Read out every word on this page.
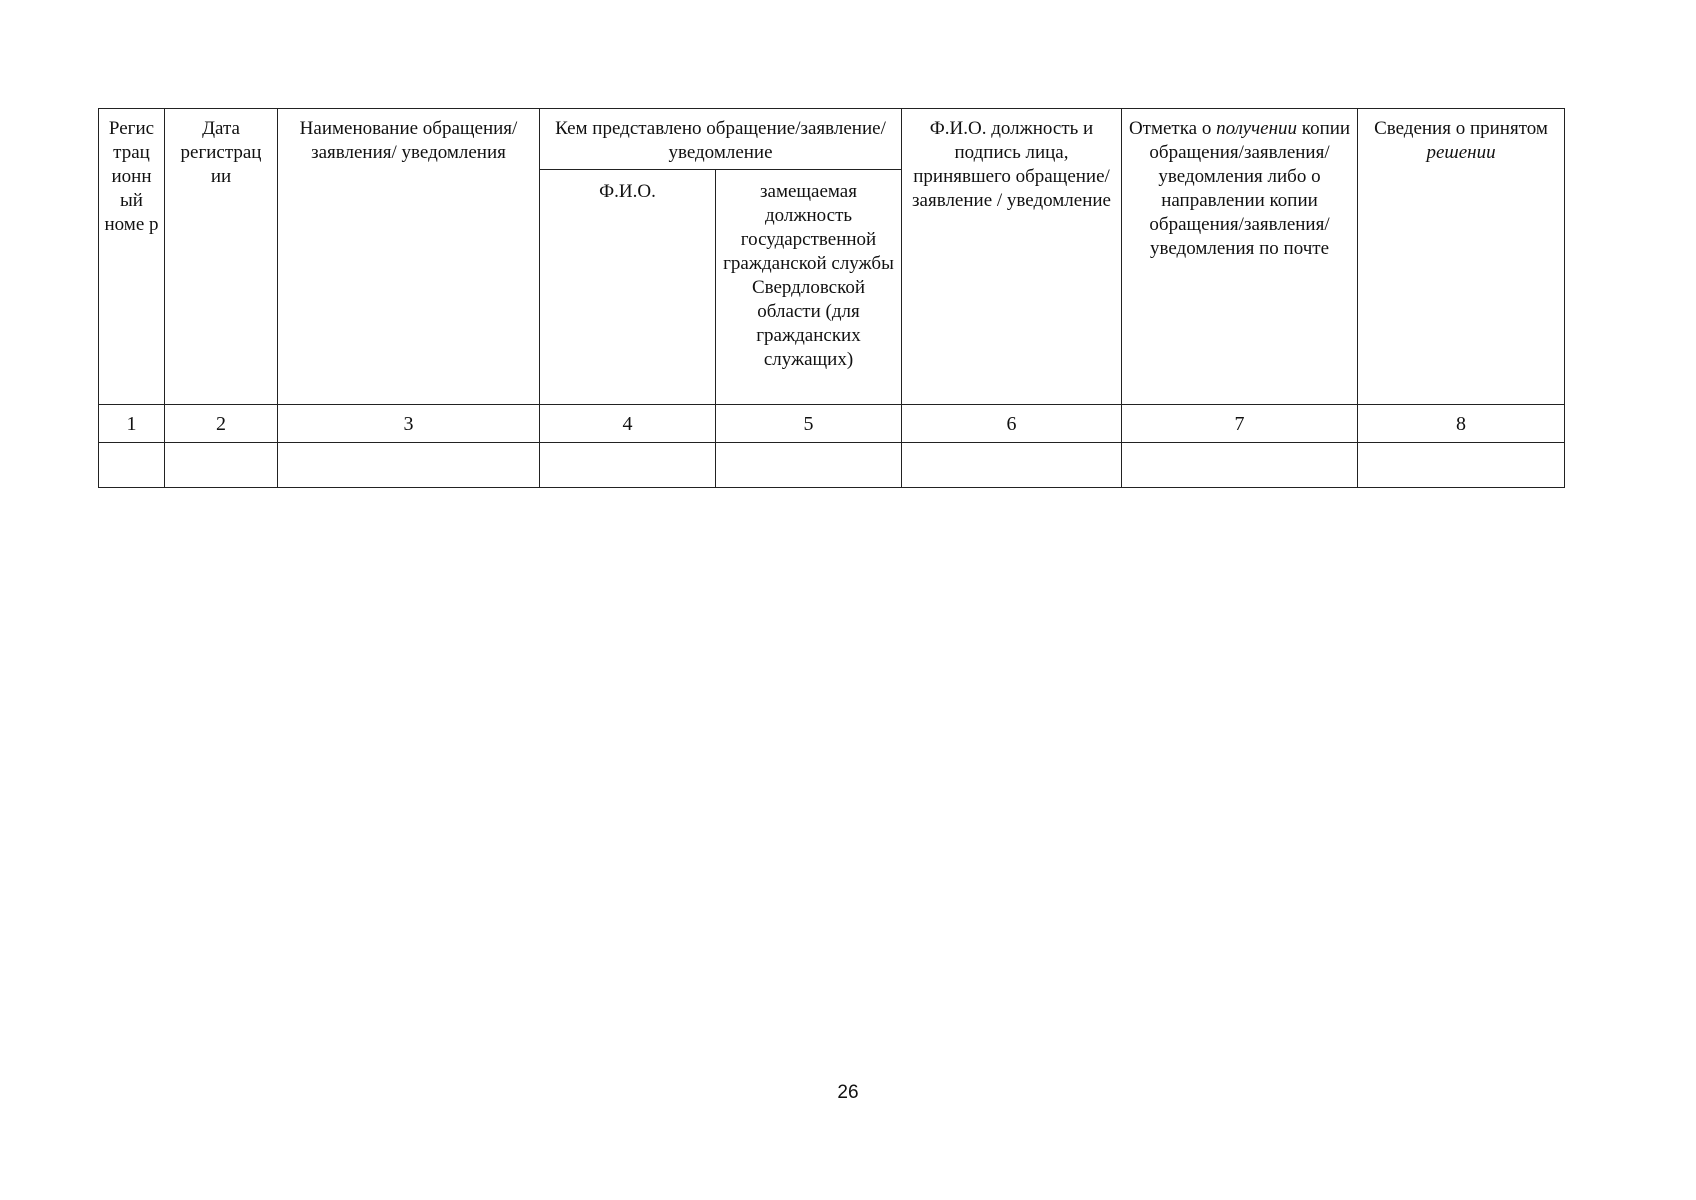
Регис трац ионн ый номе р	Дата регистрац ии	Наименование обращения/заявления/ уведомления	Кем представлено обращение/заявление/уведомление		Ф.И.О. должность и подпись лица, принявшего обращение/заявление / уведомление	Отметка о получении копии обращения/заявления/ уведомления либо о направлении копии обращения/заявления/ уведомления по почте	Сведения о принятом решении
			Ф.И.О.	замещаемая должность государственной гражданской службы Свердловской области (для гражданских служащих)			
1	2	3	4	5	6	7	8

26
